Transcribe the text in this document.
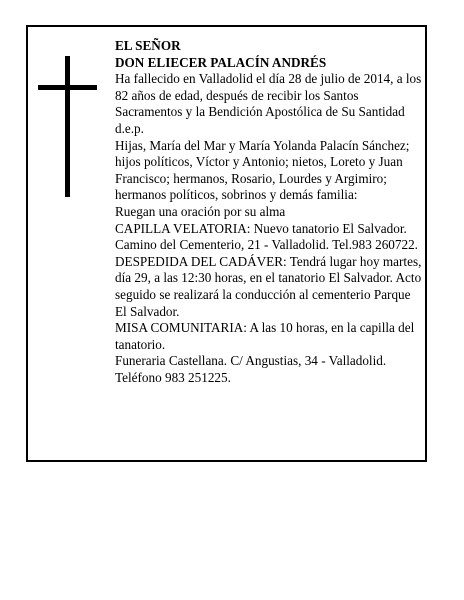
EL SEÑOR

DON ELIECER PALACÍN ANDRÉS

Ha fallecido en Valladolid el día 28 de julio de 2014, a los 82 años de edad, después de recibir los Santos Sacramentos y la Bendición Apostólica de Su Santidad d.e.p.

Hijas, María del Mar y María Yolanda Palacín Sánchez; hijos políticos, Víctor y Antonio; nietos, Loreto y Juan Francisco; hermanos, Rosario, Lourdes y Argimiro; hermanos políticos, sobrinos y demás familia:

Ruegan una oración por su alma

CAPILLA VELATORIA: Nuevo tanatorio El Salvador. Camino del Cementerio, 21 - Valladolid. Tel.983 260722.

DESPEDIDA DEL CADÁVER: Tendrá lugar hoy martes, día 29, a las 12:30 horas, en el tanatorio El Salvador. Acto seguido se realizará la conducción al cementerio Parque El Salvador.

MISA COMUNITARIA: A las 10 horas, en la capilla del tanatorio.

Funeraria Castellana. C/ Angustias, 34 - Valladolid. Teléfono 983 251225.
